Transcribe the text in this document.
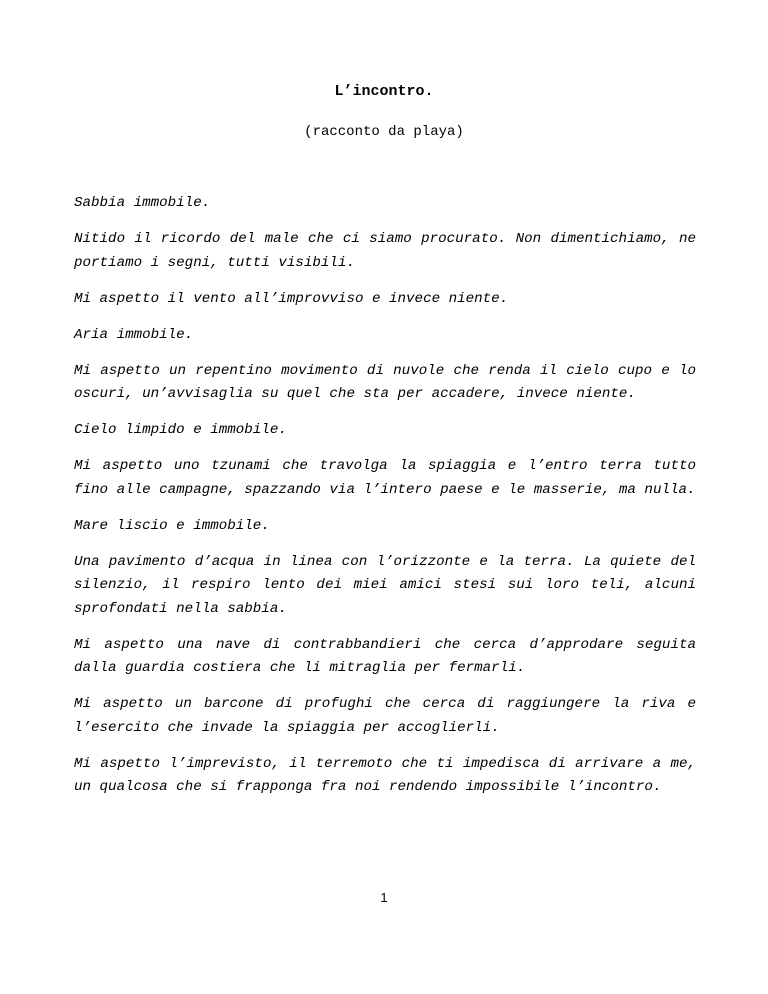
L’incontro.
(racconto da playa)

Sabbia immobile.

Nitido il ricordo del male che ci siamo procurato. Non dimentichiamo, ne portiamo i segni, tutti visibili.

Mi aspetto il vento all’improvviso e invece niente.

Aria immobile.

Mi aspetto un repentino movimento di nuvole che renda il cielo cupo e lo oscuri, un’avvisaglia su quel che sta per accadere, invece niente.

Cielo limpido e immobile.

Mi aspetto uno tzunami che travolga la spiaggia e l’entro terra tutto fino alle campagne, spazzando via l’intero paese e le masserie, ma nulla.

Mare liscio e immobile.

Una pavimento d’acqua in linea con l’orizzonte e la terra. La quiete del silenzio, il respiro lento dei miei amici stesi sui loro teli, alcuni sprofondati nella sabbia.

Mi aspetto una nave di contrabbandieri che cerca d’approdare seguita dalla guardia costiera che li mitraglia per fermarli.

Mi aspetto un barcone di profughi che cerca di raggiungere la riva e l’esercito che invade la spiaggia per accoglierli.

Mi aspetto l’imprevisto, il terremoto che ti impedisca di arrivare a me, un qualcosa che si frapponga fra noi rendendo impossibile l’incontro.

1
